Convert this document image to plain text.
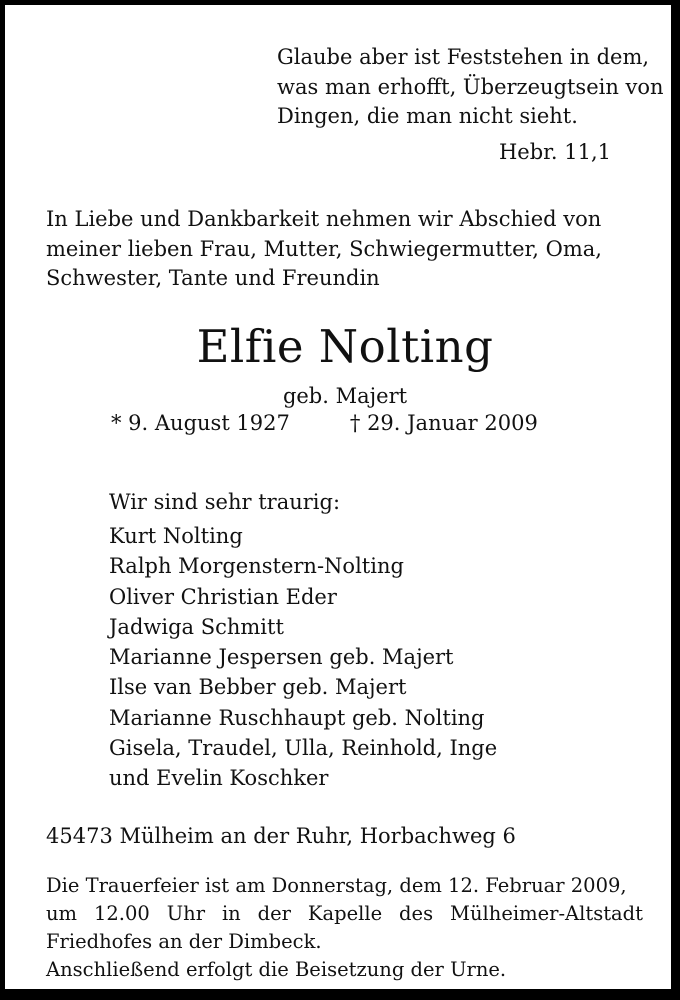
Glaube aber ist Feststehen in dem,
was man erhofft, Überzeugtsein von
Dingen, die man nicht sieht.
Hebr. 11,1
In Liebe und Dankbarkeit nehmen wir Abschied von
meiner lieben Frau, Mutter, Schwiegermutter, Oma,
Schwester, Tante und Freundin
Elfie Nolting
geb. Majert
* 9. August 1927	† 29. Januar 2009
Wir sind sehr traurig:
Kurt Nolting
Ralph Morgenstern-Nolting
Oliver Christian Eder
Jadwiga Schmitt
Marianne Jespersen geb. Majert
Ilse van Bebber geb. Majert
Marianne Ruschhaupt geb. Nolting
Gisela, Traudel, Ulla, Reinhold, Inge
und Evelin Koschker
45473 Mülheim an der Ruhr, Horbachweg 6
Die Trauerfeier ist am Donnerstag, dem 12. Februar 2009,
um 12.00 Uhr in der Kapelle des Mülheimer-Altstadt
Friedhofes an der Dimbeck.
Anschließend erfolgt die Beisetzung der Urne.
